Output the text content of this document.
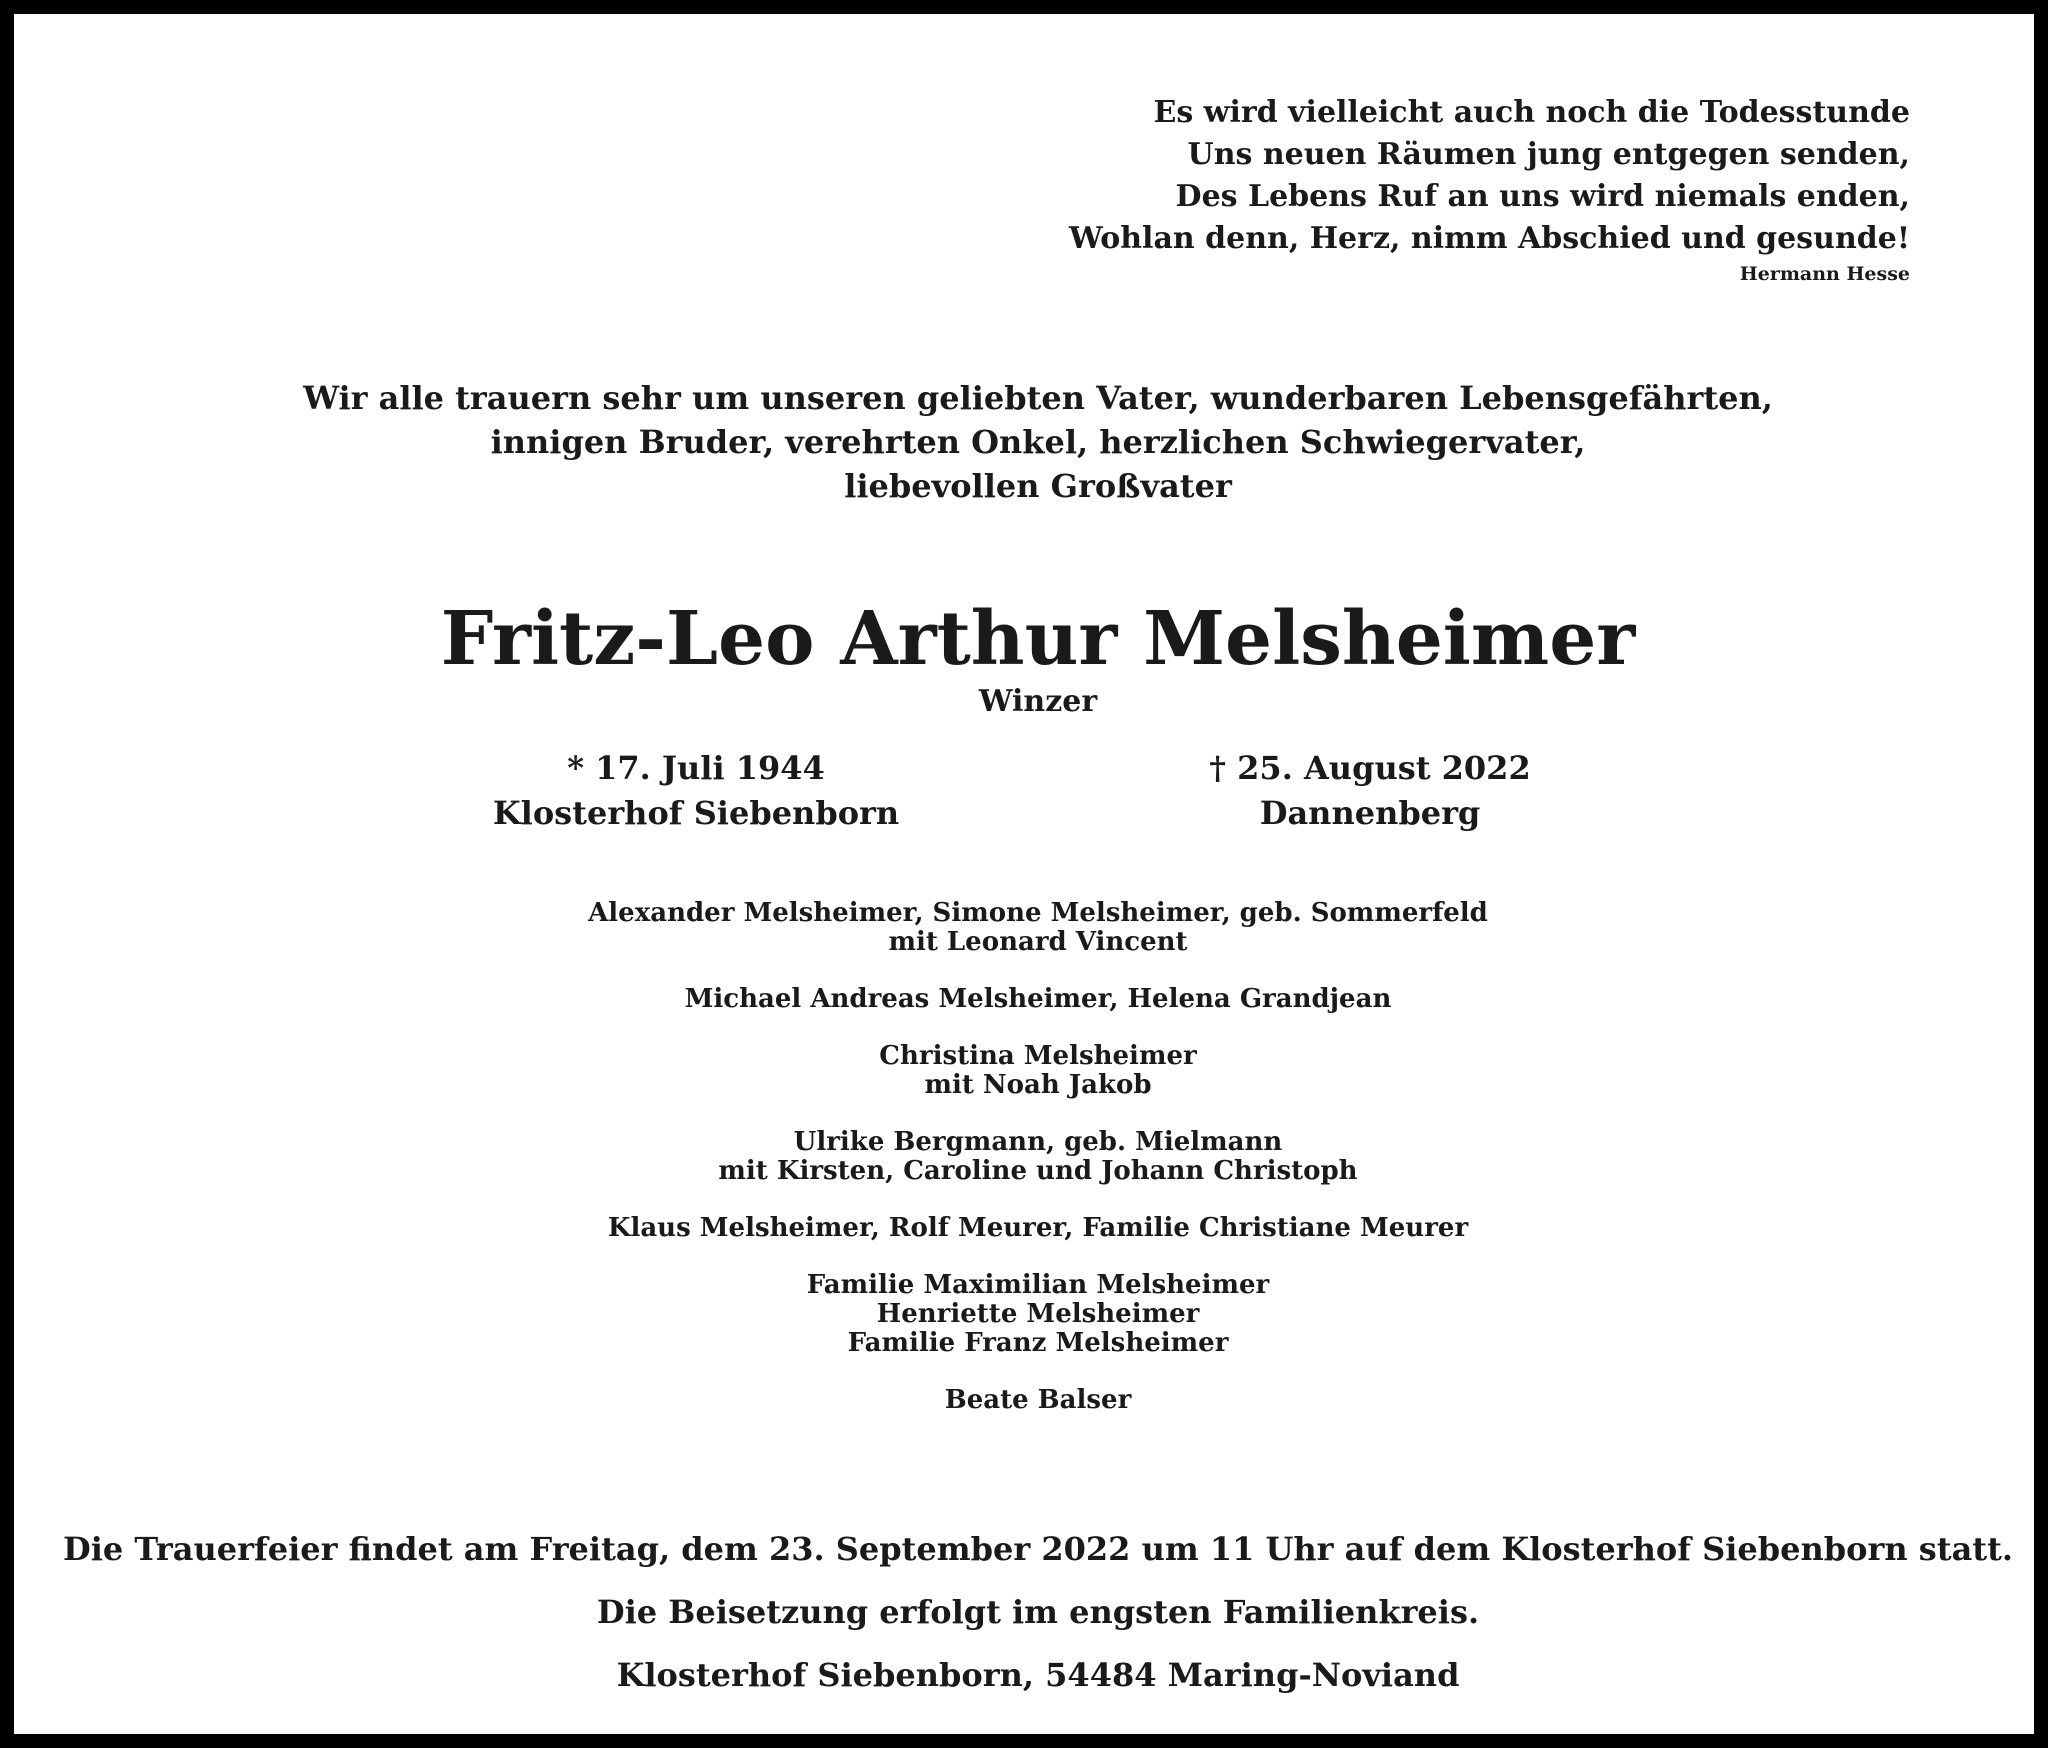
Es wird vielleicht auch noch die Todesstunde
Uns neuen Räumen jung entgegen senden,
Des Lebens Ruf an uns wird niemals enden,
Wohlan denn, Herz, nimm Abschied und gesunde!
Hermann Hesse
Wir alle trauern sehr um unseren geliebten Vater, wunderbaren Lebensgefährten,
innigen Bruder, verehrten Onkel, herzlichen Schwiegervater,
liebevollen Großvater
Fritz-Leo Arthur Melsheimer
Winzer
* 17. Juli 1944
Klosterhof Siebenborn
† 25. August 2022
Dannenberg
Alexander Melsheimer, Simone Melsheimer, geb. Sommerfeld
mit Leonard Vincent
Michael Andreas Melsheimer, Helena Grandjean
Christina Melsheimer
mit Noah Jakob
Ulrike Bergmann, geb. Mielmann
mit Kirsten, Caroline und Johann Christoph
Klaus Melsheimer, Rolf Meurer, Familie Christiane Meurer
Familie Maximilian Melsheimer
Henriette Melsheimer
Familie Franz Melsheimer
Beate Balser
Die Trauerfeier findet am Freitag, dem 23. September 2022 um 11 Uhr auf dem Klosterhof Siebenborn statt.
Die Beisetzung erfolgt im engsten Familienkreis.
Klosterhof Siebenborn, 54484 Maring-Noviand
